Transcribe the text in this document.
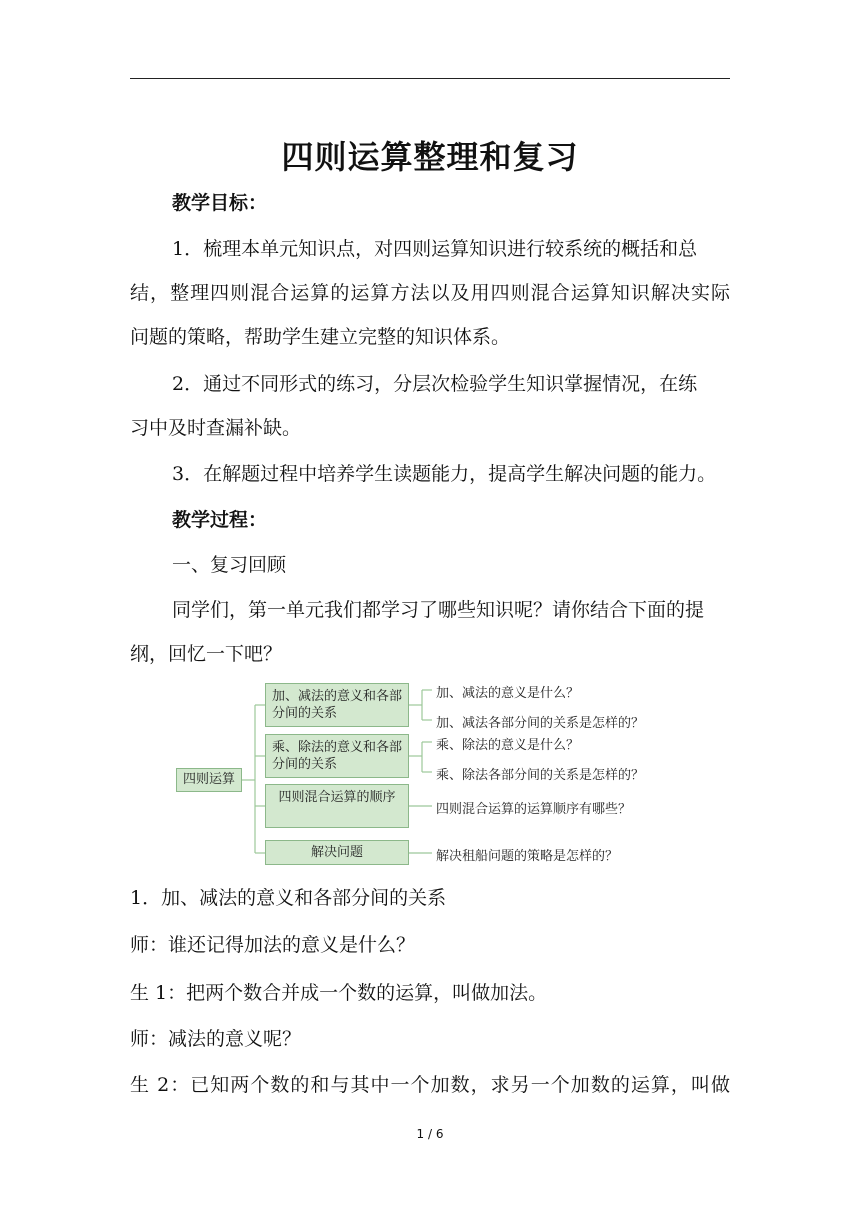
四则运算整理和复习
教学目标：
1．梳理本单元知识点，对四则运算知识进行较系统的概括和总
结，整理四则混合运算的运算方法以及用四则混合运算知识解决实际
问题的策略，帮助学生建立完整的知识体系。
2．通过不同形式的练习，分层次检验学生知识掌握情况，在练
习中及时查漏补缺。
3．在解题过程中培养学生读题能力，提高学生解决问题的能力。
教学过程：
一、复习回顾
同学们，第一单元我们都学习了哪些知识呢？请你结合下面的提
纲，回忆一下吧？
四则运算
加、减法的意义和各部分间的关系
乘、除法的意义和各部分间的关系
四则混合运算的顺序
解决问题
加、减法的意义是什么？
加、减法各部分间的关系是怎样的？
乘、除法的意义是什么？
乘、除法各部分间的关系是怎样的？
四则混合运算的运算顺序有哪些？
解决租船问题的策略是怎样的？
1．加、减法的意义和各部分间的关系
师：谁还记得加法的意义是什么？
生 1：把两个数合并成一个数的运算，叫做加法。
师：减法的意义呢？
生 2：已知两个数的和与其中一个加数，求另一个加数的运算，叫做
1 / 6
